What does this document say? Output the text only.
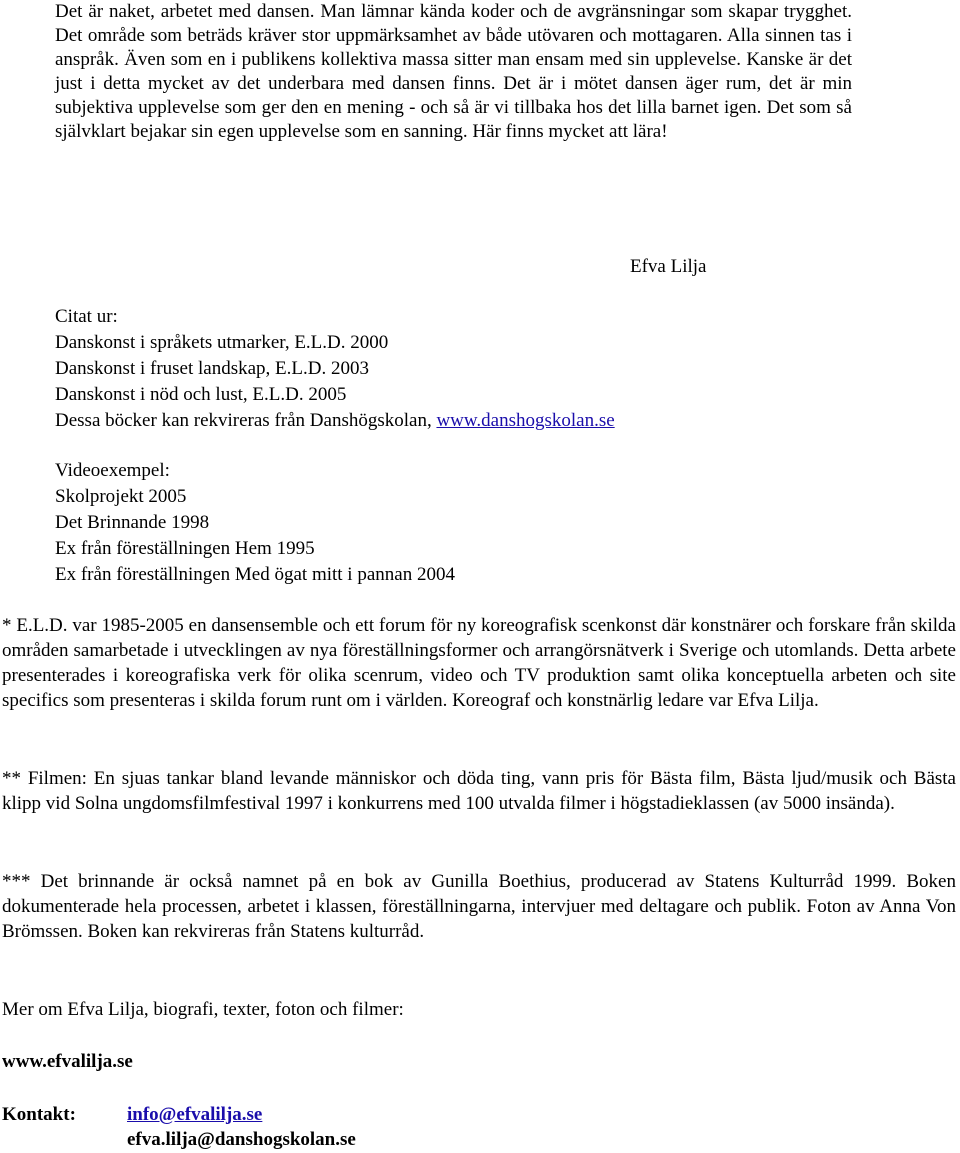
Det är naket, arbetet med dansen. Man lämnar kända koder och de avgränsningar som skapar trygghet. Det område som beträds kräver stor uppmärksamhet av både utövaren och mottagaren. Alla sinnen tas i anspråk. Även som en i publikens kollektiva massa sitter man ensam med sin upplevelse. Kanske är det just i detta mycket av det underbara med dansen finns. Det är i mötet dansen äger rum, det är min subjektiva upplevelse som ger den en mening - och så är vi tillbaka hos det lilla barnet igen. Det som så självklart bejakar sin egen upplevelse som en sanning. Här finns mycket att lära!

Efva Lilja
Citat ur:
Danskonst i språkets utmarker, E.L.D. 2000
Danskonst i fruset landskap, E.L.D. 2003
Danskonst i nöd och lust, E.L.D. 2005
Dessa böcker kan rekvireras från Danshögskolan, www.danshogskolan.se
Videoexempel:
Skolprojekt 2005
Det Brinnande 1998
Ex från föreställningen Hem 1995
Ex från föreställningen Med ögat mitt i pannan 2004

* E.L.D. var 1985-2005 en dansensemble och ett forum för ny koreografisk scenkonst där konstnärer och forskare från skilda områden samarbetade i utvecklingen av nya föreställningsformer och arrangörsnätverk i Sverige och utomlands. Detta arbete presenterades i koreografiska verk för olika scenrum, video och TV produktion samt olika konceptuella arbeten och site specifics som presenteras i skilda forum runt om i världen. Koreograf och konstnärlig ledare var Efva Lilja.

** Filmen: En sjuas tankar bland levande människor och döda ting, vann pris för Bästa film, Bästa ljud/musik och Bästa klipp vid Solna ungdomsfilmfestival 1997 i konkurrens med 100 utvalda filmer i högstadieklassen (av 5000 insända).

*** Det brinnande är också namnet på en bok av Gunilla Boethius, producerad av Statens Kulturråd 1999. Boken dokumenterade hela processen, arbetet i klassen, föreställningarna, intervjuer med deltagare och publik. Foton av Anna Von Brömssen. Boken kan rekvireras från Statens kulturråd.

Mer om Efva Lilja, biografi, texter, foton och filmer:
www.efvalilja.se
Kontakt:	info@efvalilja.se
efva.lilja@danshogskolan.se
